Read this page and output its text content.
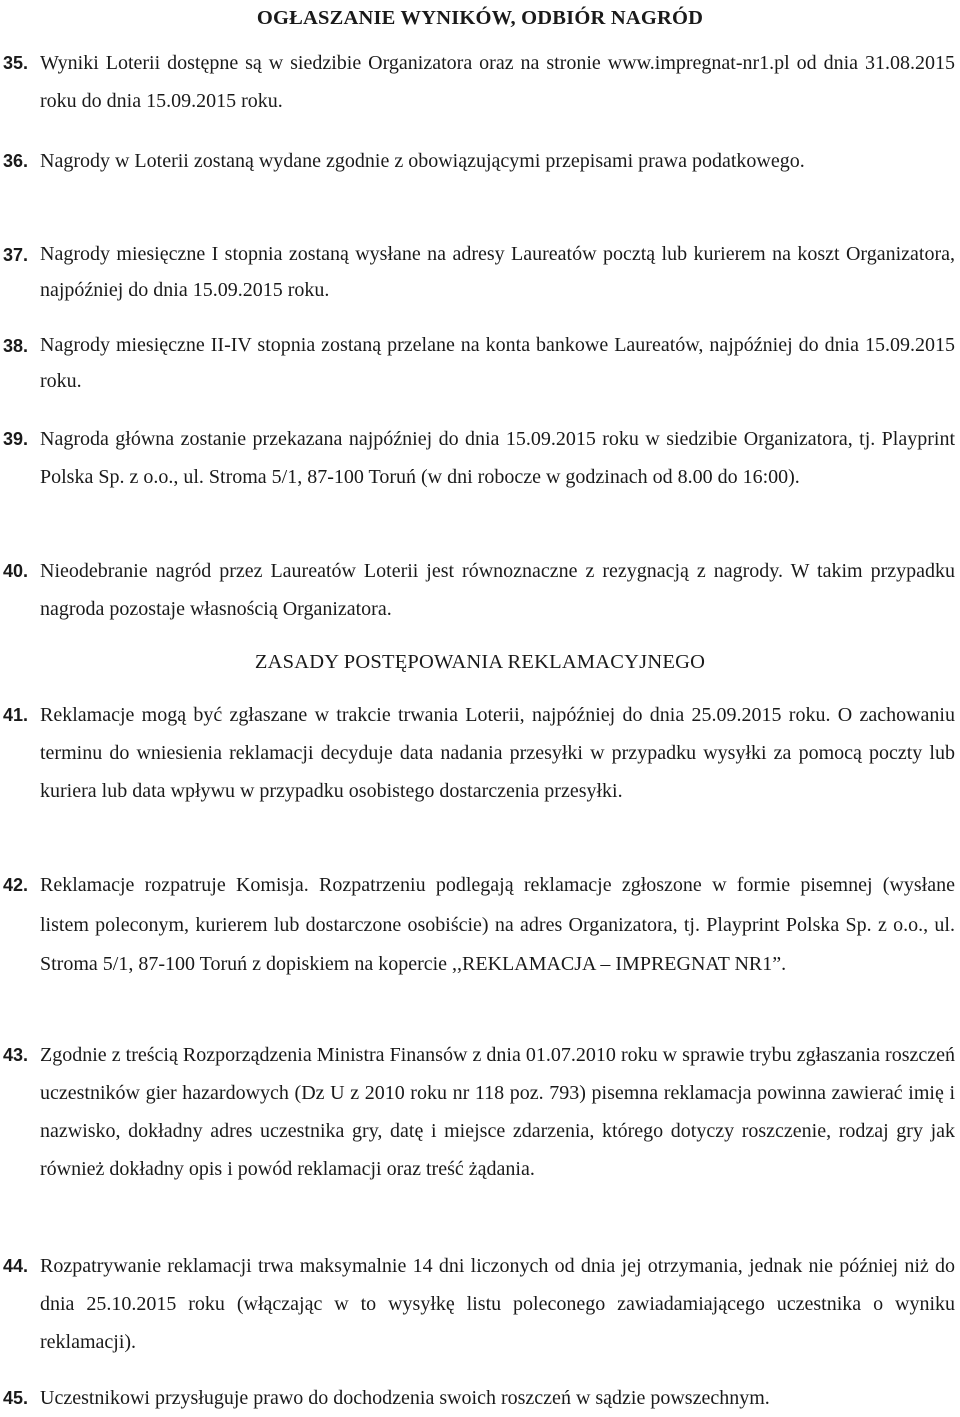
OGŁASZANIE WYNIKÓW, ODBIÓR NAGRÓD
35. Wyniki Loterii dostępne są w siedzibie Organizatora oraz na stronie www.impregnat-nr1.pl od dnia 31.08.2015 roku do dnia 15.09.2015 roku.
36. Nagrody w Loterii zostaną wydane zgodnie z obowiązującymi przepisami prawa podatkowego.
37. Nagrody miesięczne I stopnia zostaną wysłane na adresy Laureatów pocztą lub kurierem na koszt Organizatora, najpóźniej do dnia 15.09.2015 roku.
38. Nagrody miesięczne II-IV stopnia zostaną przelane na konta bankowe Laureatów, najpóźniej do dnia 15.09.2015 roku.
39. Nagroda główna zostanie przekazana najpóźniej do dnia 15.09.2015 roku w siedzibie Organizatora, tj. Playprint Polska Sp. z o.o., ul. Stroma 5/1, 87-100 Toruń (w dni robocze w godzinach od 8.00 do 16:00).
40. Nieodebranie nagród przez Laureatów Loterii jest równoznaczne z rezygnacją z nagrody. W takim przypadku nagroda pozostaje własnością Organizatora.
ZASADY POSTĘPOWANIA REKLAMACYJNEGO
41. Reklamacje mogą być zgłaszane w trakcie trwania Loterii, najpóźniej do dnia 25.09.2015 roku. O zachowaniu terminu do wniesienia reklamacji decyduje data nadania przesyłki w przypadku wysyłki za pomocą poczty lub kuriera lub data wpływu w przypadku osobistego dostarczenia przesyłki.
42. Reklamacje rozpatruje Komisja. Rozpatrzeniu podlegają reklamacje zgłoszone w formie pisemnej (wysłane listem poleconym, kurierem lub dostarczone osobiście) na adres Organizatora, tj. Playprint Polska Sp. z o.o., ul. Stroma 5/1, 87-100 Toruń z dopiskiem na kopercie ,,REKLAMACJA – IMPREGNAT NR1”.
43. Zgodnie z treścią Rozporządzenia Ministra Finansów z dnia 01.07.2010 roku w sprawie trybu zgłaszania roszczeń uczestników gier hazardowych (Dz U z 2010 roku nr 118 poz. 793) pisemna reklamacja powinna zawierać imię i nazwisko, dokładny adres uczestnika gry, datę i miejsce zdarzenia, którego dotyczy roszczenie, rodzaj gry jak również dokładny opis i powód reklamacji oraz treść żądania.
44. Rozpatrywanie reklamacji trwa maksymalnie 14 dni liczonych od dnia jej otrzymania, jednak nie później niż do dnia 25.10.2015 roku (włączając w to wysyłkę listu poleconego zawiadamiającego uczestnika o wyniku reklamacji).
45. Uczestnikowi przysługuje prawo do dochodzenia swoich roszczeń w sądzie powszechnym.
